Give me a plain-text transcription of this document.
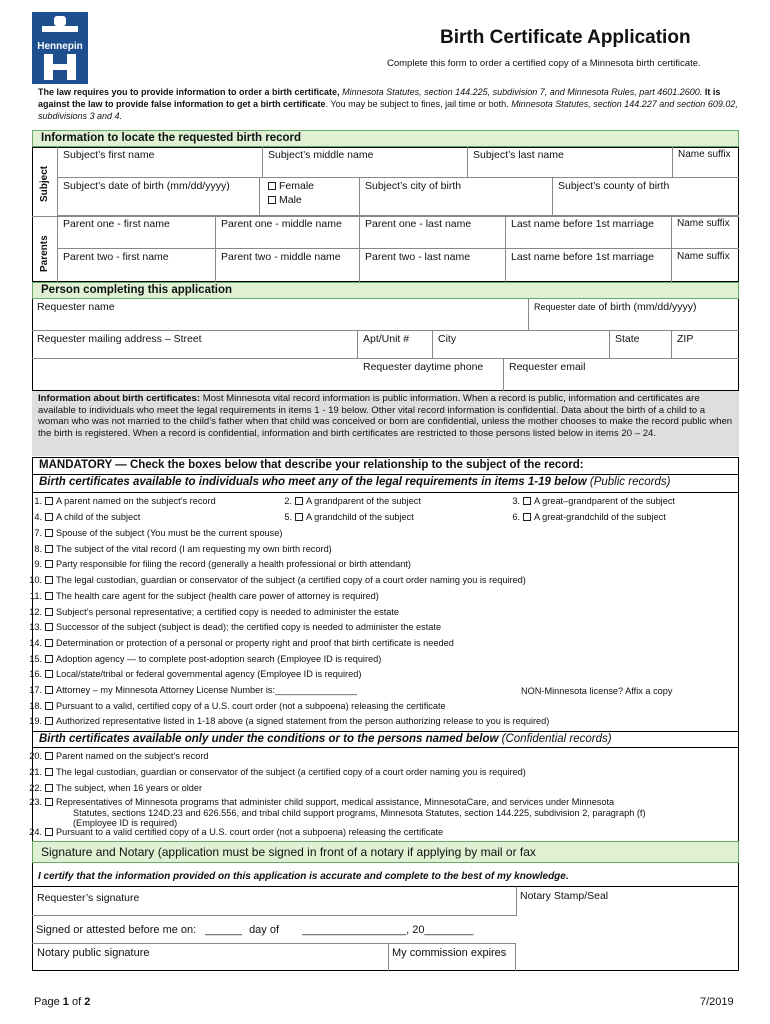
Hennepin	Birth Certificate Application
Complete this form to order a certified copy of a Minnesota birth certificate.
The law requires you to provide information to order a birth certificate, Minnesota Statutes, section 144.225, subdivision 7, and Minnesota Rules, part 4601.2600. It is against the law to provide false information to get a birth certificate. You may be subject to fines, jail time or both. Minnesota Statutes, section 144.227 and section 609.02, subdivisions 3 and 4.
Information to locate the requested birth record
Subject
Parents
Subject’s first name	Subject’s middle name	Subject’s last name	Name suffix
Subject’s date of birth (mm/dd/yyyy)	Female
Male
Subject’s city of birth	Subject’s county of birth
Parent one - first name	Parent one - middle name	Parent one - last name	Last name before 1st marriage	Name suffix
Parent two - first name	Parent two - middle name	Parent two - last name	Last name before 1st marriage	Name suffix
Person completing this application
Requester name	Requester date of birth (mm/dd/yyyy)
Requester mailing address – Street	Apt/Unit #	City	State	ZIP
Requester daytime phone	Requester email
Information about birth certificates: Most Minnesota vital record information is public information. When a record is public, information and certificates are available to individuals who meet the legal requirements in items 1 - 19 below. Other vital record information is confidential. Data about the birth of a child to a woman who was not married to the child’s father when that child was conceived or born are confidential, unless the mother chooses to make the record public when the birth is registered. When a record is confidential, information and birth certificates are restricted to those persons listed below in items 20 – 24.
MANDATORY — Check the boxes below that describe your relationship to the subject of the record:
Birth certificates available to individuals who meet any of the legal requirements in items 1-19 below (Public records)
1. A parent named on the subject’s record	2. A grandparent of the subject	3. A great–grandparent of the subject
4. A child of the subject	5. A grandchild of the subject	6. A great-grandchild of the subject
7. Spouse of the subject (You must be the current spouse)
8. The subject of the vital record (I am requesting my own birth record)
9. Party responsible for filing the record (generally a health professional or birth attendant)
10. The legal custodian, guardian or conservator of the subject (a certified copy of a court order naming you is required)
11. The health care agent for the subject (health care power of attorney is required)
12. Subject’s personal representative; a certified copy is needed to administer the estate
13. Successor of the subject (subject is dead); the certified copy is needed to administer the estate
14. Determination or protection of a personal or property right and proof that birth certificate is needed
15. Adoption agency — to complete post-adoption search (Employee ID is required)
16. Local/state/tribal or federal governmental agency (Employee ID is required)
17. Attorney – my Minnesota Attorney License Number is:________________
18. Pursuant to a valid, certified copy of a U.S. court order (not a subpoena) releasing the certificate
19. Authorized representative listed in 1-18 above (a signed statement from the person authorizing release to you is required)
NON-Minnesota license? Affix a copy
Birth certificates available only under the conditions or to the persons named below (Confidential records)
20. Parent named on the subject’s record
21. The legal custodian, guardian or conservator of the subject (a certified copy of a court order naming you is required)
22. The subject, when 16 years or older
23. Representatives of Minnesota programs that administer child support, medical assistance, MinnesotaCare, and services under Minnesota
24. Pursuant to a valid certified copy of a U.S. court order (not a subpoena) releasing the certificate
Statutes, sections 124D.23 and 626.556, and tribal child support programs, Minnesota Statutes, section 144.225, subdivision 2, paragraph (f)
(Employee ID is required)
Signature and Notary (application must be signed in front of a notary if applying by mail or fax
I certify that the information provided on this application is accurate and complete to the best of my knowledge.
Requester’s signature	Notary Stamp/Seal
Signed or attested before me on: ______ day of _________________, 20________
Notary public signature	My commission expires
Page 1 of 2	7/2019
